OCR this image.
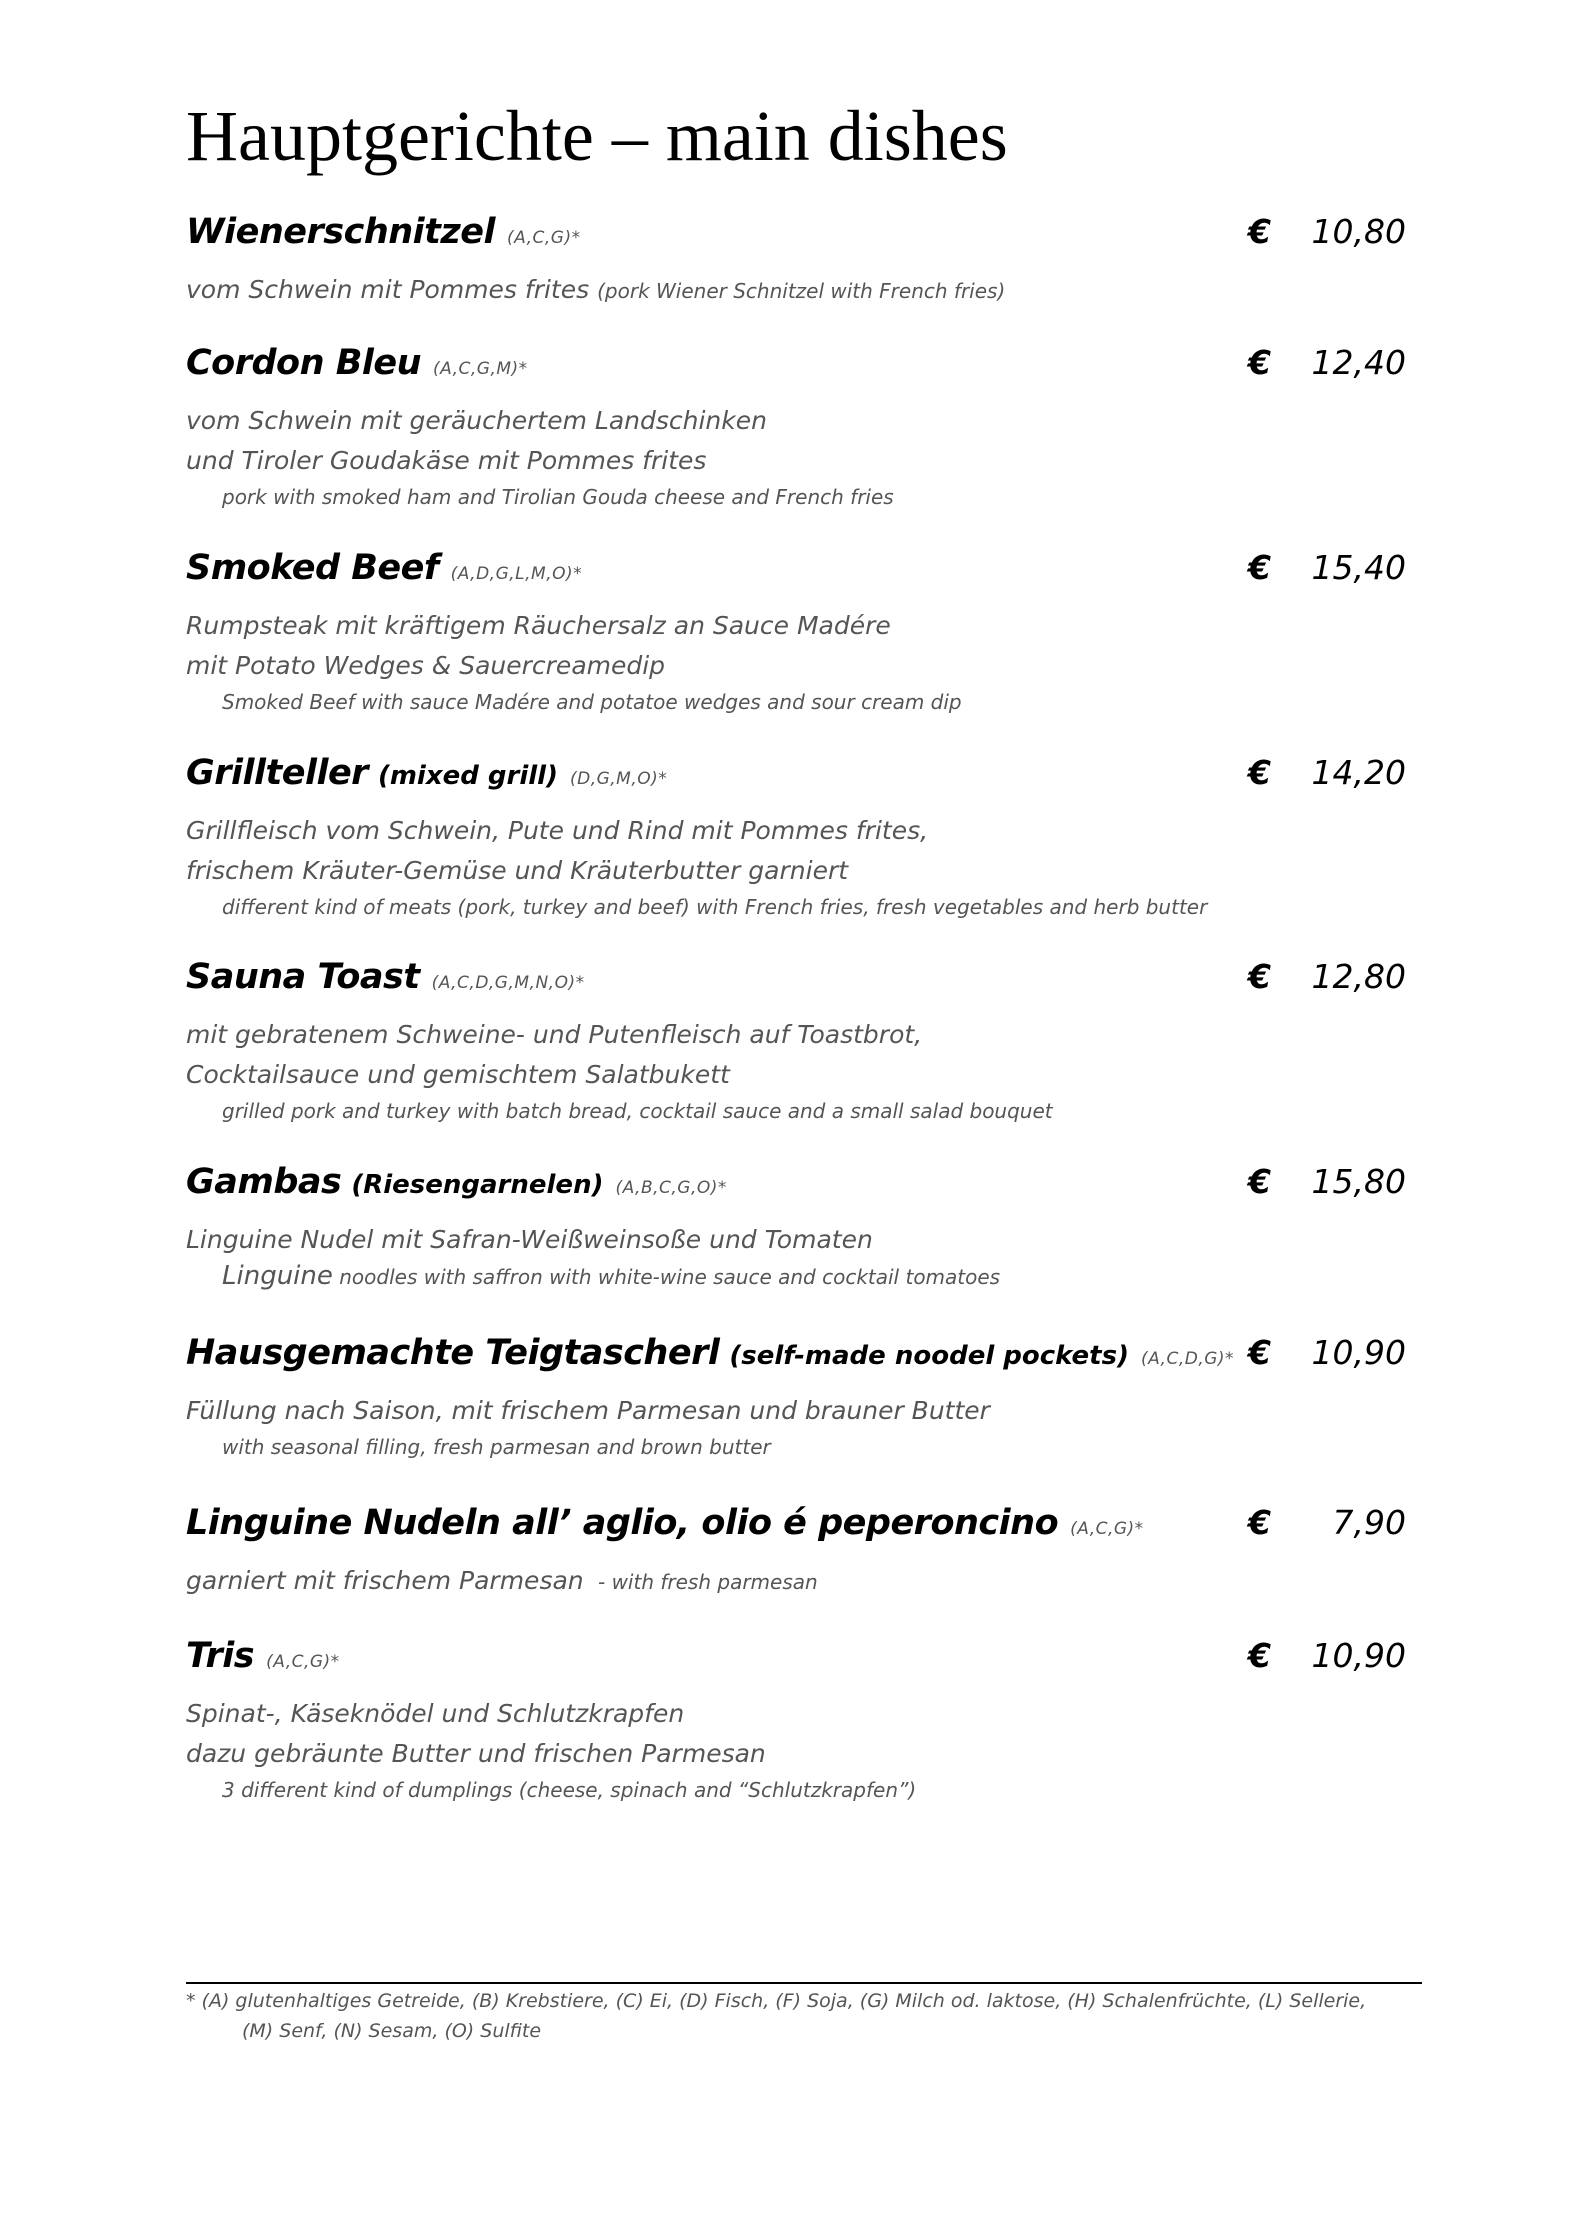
Hauptgerichte – main dishes
Wienerschnitzel (A,C,G)*	€	10,80
vom Schwein mit Pommes frites (pork Wiener Schnitzel with French fries)
Cordon Bleu (A,C,G,M)*	€	12,40
vom Schwein mit geräuchertem Landschinken
und Tiroler Goudakäse mit Pommes frites
pork with smoked ham and Tirolian Gouda cheese and French fries
Smoked Beef (A,D,G,L,M,O)*	€	15,40
Rumpsteak mit kräftigem Räuchersalz an Sauce Madére
mit Potato Wedges & Sauercreamedip
Smoked Beef with sauce Madére and potatoe wedges and sour cream dip
Grillteller (mixed grill) (D,G,M,O)*	€	14,20
Grillfleisch vom Schwein, Pute und Rind mit Pommes frites,
frischem Kräuter-Gemüse und Kräuterbutter garniert
different kind of meats (pork, turkey and beef) with French fries, fresh vegetables and herb butter
Sauna Toast (A,C,D,G,M,N,O)*	€	12,80
mit gebratenem Schweine- und Putenfleisch auf Toastbrot,
Cocktailsauce und gemischtem Salatbukett
grilled pork and turkey with batch bread, cocktail sauce and a small salad bouquet
Gambas (Riesengarnelen) (A,B,C,G,O)*	€	15,80
Linguine Nudel mit Safran-Weißweinsoße und Tomaten
Linguine noodles with saffron with white-wine sauce and cocktail tomatoes
Hausgemachte Teigtascherl (self-made noodel pockets) (A,C,D,G)* €	10,90
Füllung nach Saison, mit frischem Parmesan und brauner Butter
with seasonal filling, fresh parmesan and brown butter
Linguine Nudeln all’ aglio, olio é peperoncino (A,C,G)*	€	7,90
garniert mit frischem Parmesan - with fresh parmesan
Tris (A,C,G)*	€	10,90
Spinat-, Käseknödel und Schlutzkrapfen
dazu gebräunte Butter und frischen Parmesan
3 different kind of dumplings (cheese, spinach and “Schlutzkrapfen”)
* (A) glutenhaltiges Getreide, (B) Krebstiere, (C) Ei, (D) Fisch, (F) Soja, (G) Milch od. laktose, (H) Schalenfrüchte, (L) Sellerie,
(M) Senf, (N) Sesam, (O) Sulfite
